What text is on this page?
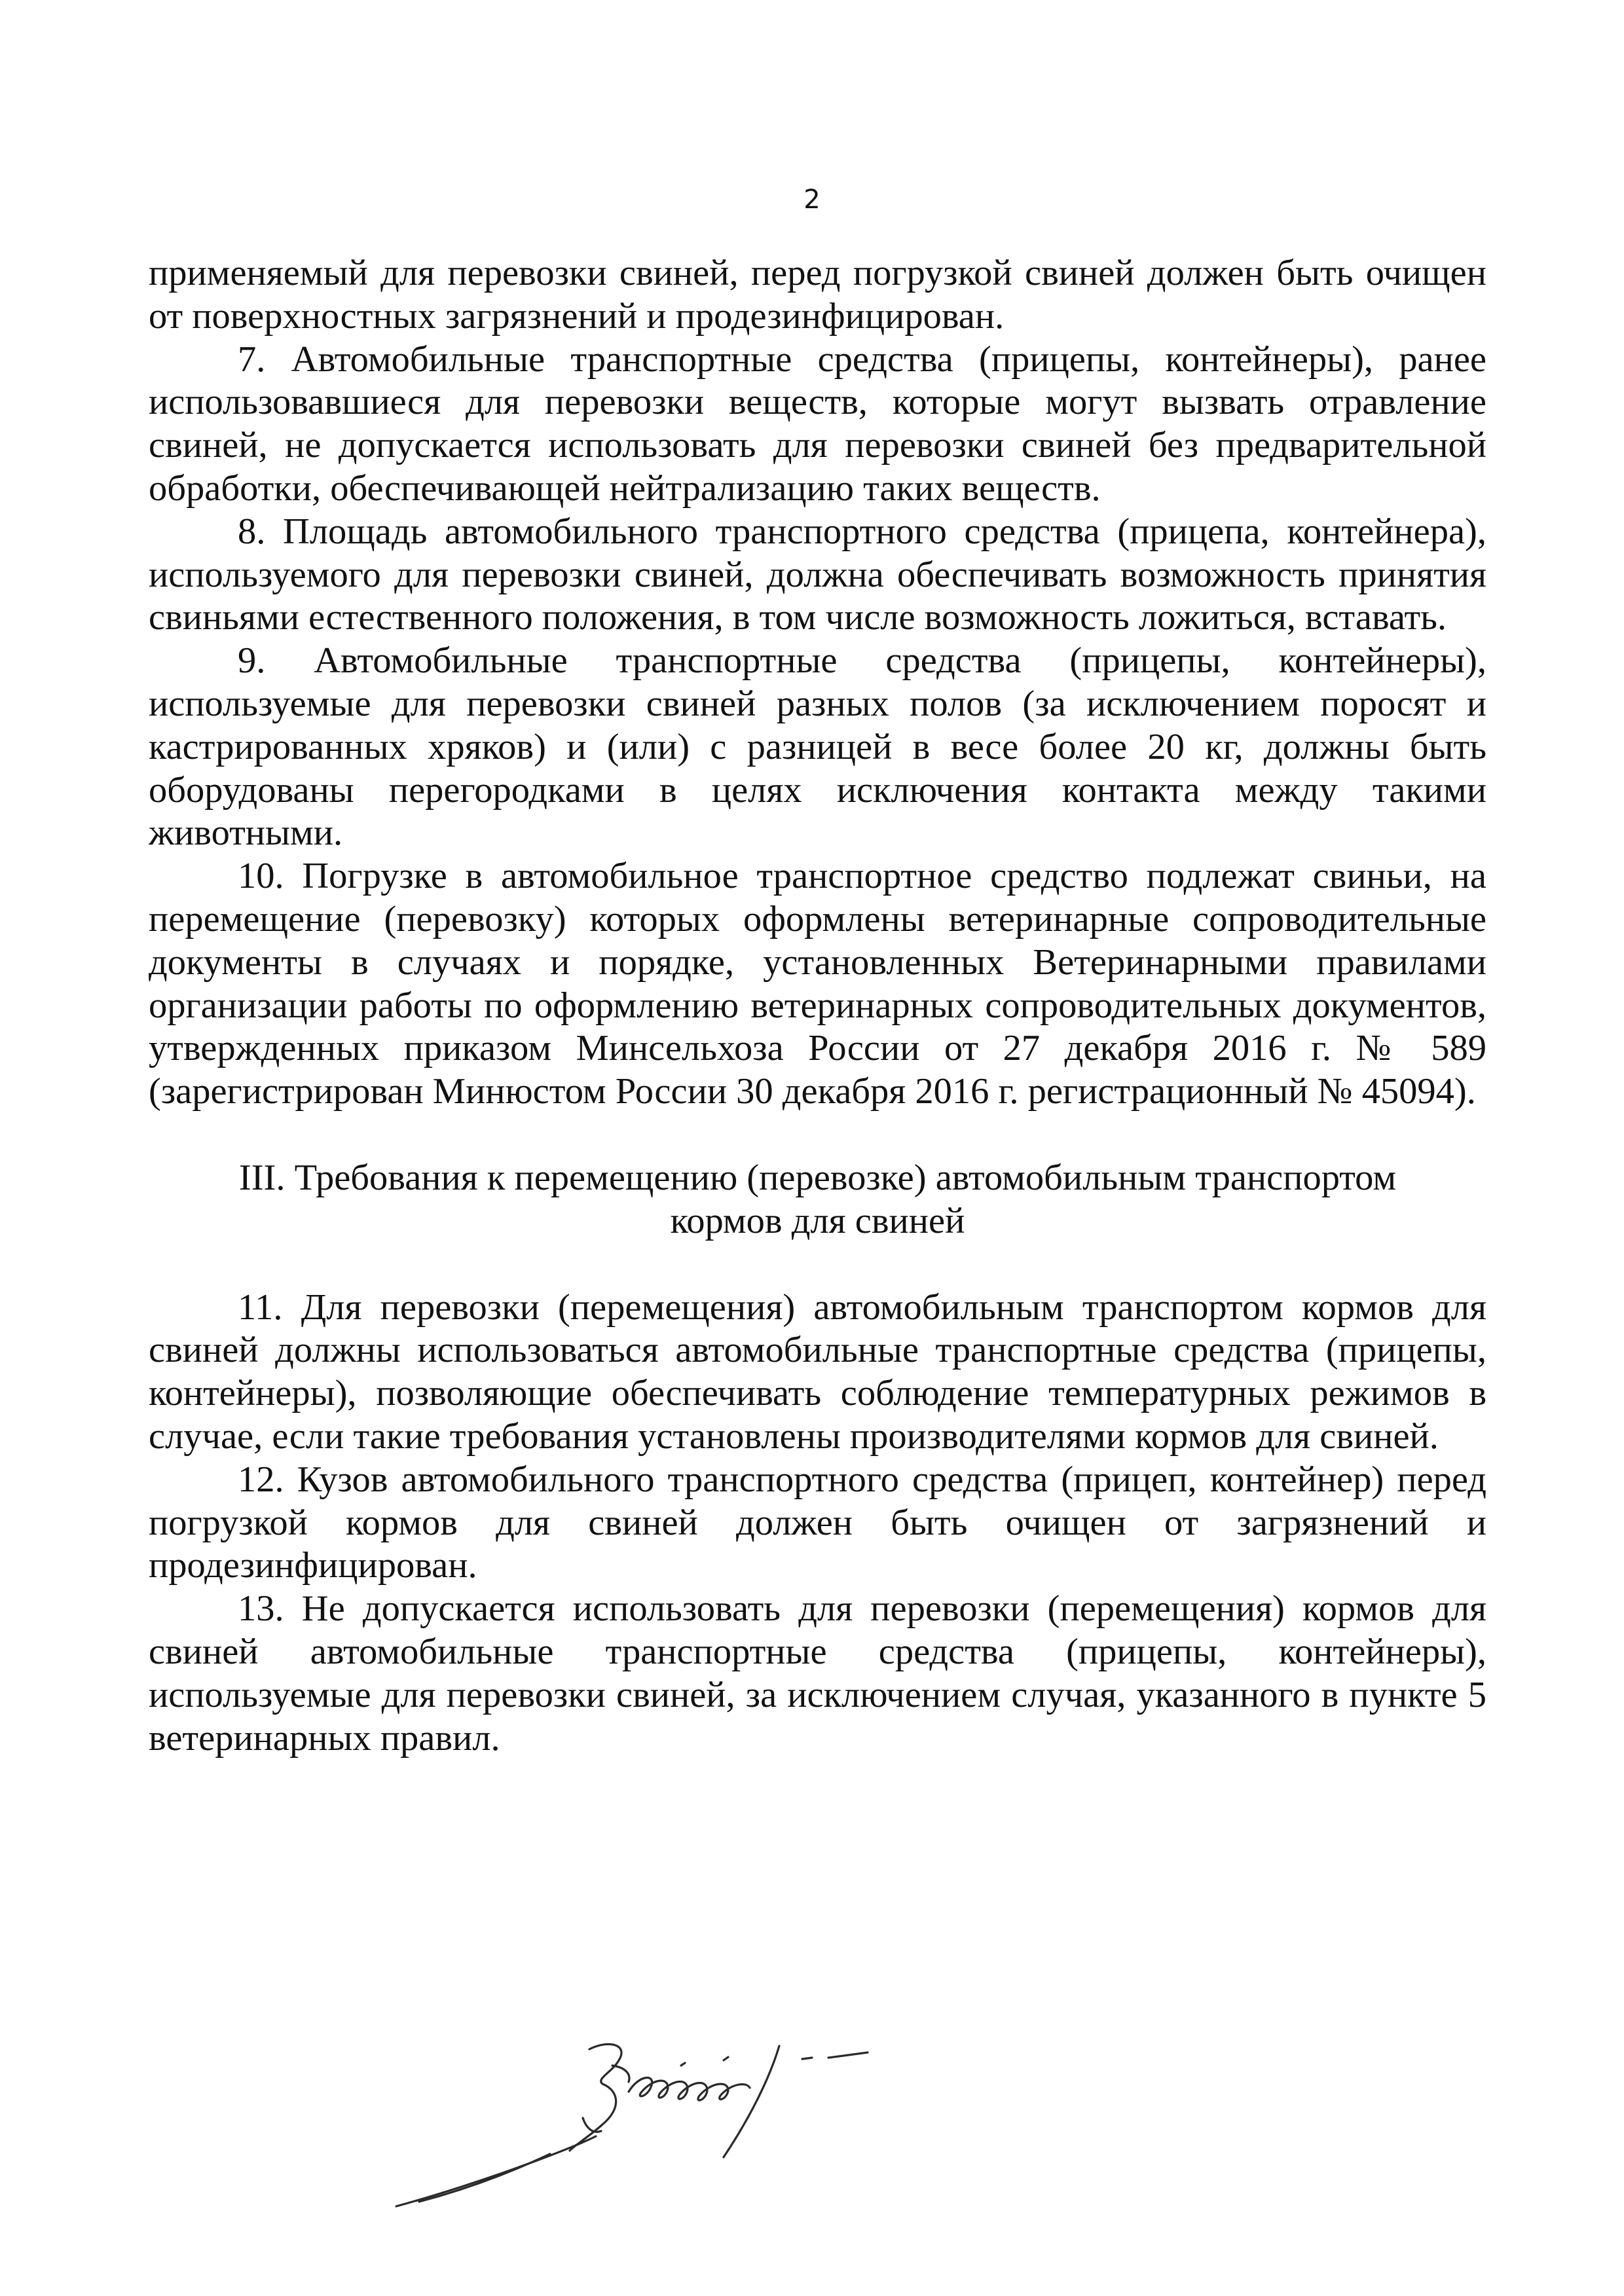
2

применяемый для перевозки свиней, перед погрузкой свиней должен быть очищен от поверхностных загрязнений и продезинфицирован.

7. Автомобильные транспортные средства (прицепы, контейнеры), ранее использовавшиеся для перевозки веществ, которые могут вызвать отравление свиней, не допускается использовать для перевозки свиней без предварительной обработки, обеспечивающей нейтрализацию таких веществ.

8. Площадь автомобильного транспортного средства (прицепа, контейнера), используемого для перевозки свиней, должна обеспечивать возможность принятия свиньями естественного положения, в том числе возможность ложиться, вставать.

9. Автомобильные транспортные средства (прицепы, контейнеры), используемые для перевозки свиней разных полов (за исключением поросят и кастрированных хряков) и (или) с разницей в весе более 20 кг, должны быть оборудованы перегородками в целях исключения контакта между такими животными.

10. Погрузке в автомобильное транспортное средство подлежат свиньи, на перемещение (перевозку) которых оформлены ветеринарные сопроводительные документы в случаях и порядке, установленных Ветеринарными правилами организации работы по оформлению ветеринарных сопроводительных документов, утвержденных приказом Минсельхоза России от 27 декабря 2016 г. № 589 (зарегистрирован Минюстом России 30 декабря 2016 г. регистрационный № 45094).

III. Требования к перемещению (перевозке) автомобильным транспортом
кормов для свиней

11. Для перевозки (перемещения) автомобильным транспортом кормов для свиней должны использоваться автомобильные транспортные средства (прицепы, контейнеры), позволяющие обеспечивать соблюдение температурных режимов в случае, если такие требования установлены производителями кормов для свиней.

12. Кузов автомобильного транспортного средства (прицеп, контейнер) перед погрузкой кормов для свиней должен быть очищен от загрязнений и продезинфицирован.

13. Не допускается использовать для перевозки (перемещения) кормов для свиней автомобильные транспортные средства (прицепы, контейнеры), используемые для перевозки свиней, за исключением случая, указанного в пункте 5 ветеринарных правил.
